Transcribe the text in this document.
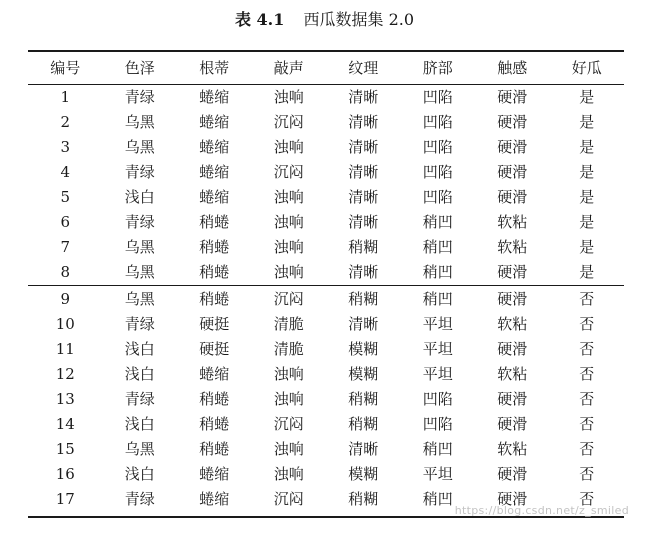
表 4.1 西瓜数据集 2.0
编号	色泽	根蒂	敲声	纹理	脐部	触感	好瓜
1	青绿	蜷缩	浊响	清晰	凹陷	硬滑	是
2	乌黑	蜷缩	沉闷	清晰	凹陷	硬滑	是
3	乌黑	蜷缩	浊响	清晰	凹陷	硬滑	是
4	青绿	蜷缩	沉闷	清晰	凹陷	硬滑	是
5	浅白	蜷缩	浊响	清晰	凹陷	硬滑	是
6	青绿	稍蜷	浊响	清晰	稍凹	软粘	是
7	乌黑	稍蜷	浊响	稍糊	稍凹	软粘	是
8	乌黑	稍蜷	浊响	清晰	稍凹	硬滑	是
9	乌黑	稍蜷	沉闷	稍糊	稍凹	硬滑	否
10	青绿	硬挺	清脆	清晰	平坦	软粘	否
11	浅白	硬挺	清脆	模糊	平坦	硬滑	否
12	浅白	蜷缩	浊响	模糊	平坦	软粘	否
13	青绿	稍蜷	浊响	稍糊	凹陷	硬滑	否
14	浅白	稍蜷	沉闷	稍糊	凹陷	硬滑	否
15	乌黑	稍蜷	浊响	清晰	稍凹	软粘	否
16	浅白	蜷缩	浊响	模糊	平坦	硬滑	否
17	青绿	蜷缩	沉闷	稍糊	稍凹	硬滑	否
https://blog.csdn.net/z_smiled
